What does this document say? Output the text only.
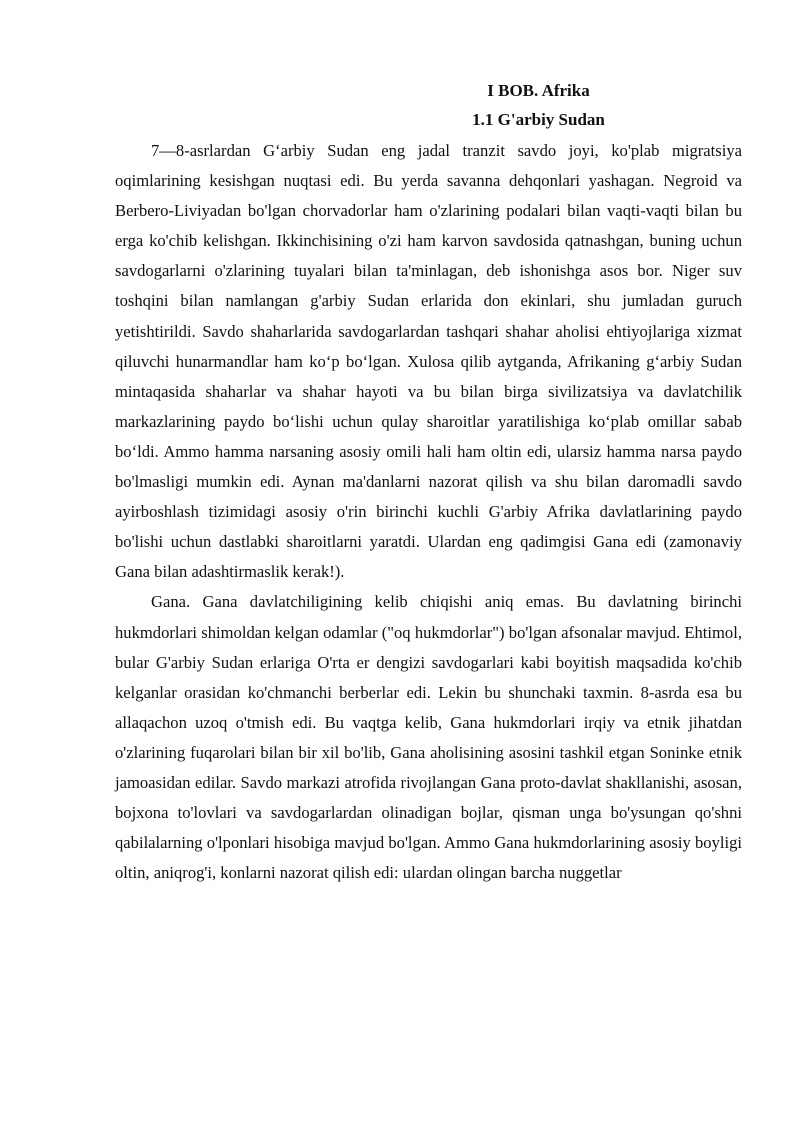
I BOB. Afrika
1.1 G'arbiy Sudan

7—8-asrlardan G‘arbiy Sudan eng jadal tranzit savdo joyi, ko'plab migratsiya oqimlarining kesishgan nuqtasi edi. Bu yerda savanna dehqonlari yashagan. Negroid va Berbero-Liviyadan bo'lgan chorvadorlar ham o'zlarining podalari bilan vaqti-vaqti bilan bu erga ko'chib kelishgan. Ikkinchisining o'zi ham karvon savdosida qatnashgan, buning uchun savdogarlarni o'zlarining tuyalari bilan ta'minlagan, deb ishonishga asos bor. Niger suv toshqini bilan namlangan g'arbiy Sudan erlarida don ekinlari, shu jumladan guruch yetishtirildi. Savdo shaharlarida savdogarlardan tashqari shahar aholisi ehtiyojlariga xizmat qiluvchi hunarmandlar ham ko‘p bo‘lgan. Xulosa qilib aytganda, Afrikaning g‘arbiy Sudan mintaqasida shaharlar va shahar hayoti va bu bilan birga sivilizatsiya va davlatchilik markazlarining paydo bo‘lishi uchun qulay sharoitlar yaratilishiga ko‘plab omillar sabab bo‘ldi. Ammo hamma narsaning asosiy omili hali ham oltin edi, ularsiz hamma narsa paydo bo'lmasligi mumkin edi. Aynan ma'danlarni nazorat qilish va shu bilan daromadli savdo ayirboshlash tizimidagi asosiy o'rin birinchi kuchli G'arbiy Afrika davlatlarining paydo bo'lishi uchun dastlabki sharoitlarni yaratdi. Ulardan eng qadimgisi Gana edi (zamonaviy Gana bilan adashtirmaslik kerak!).

Gana. Gana davlatchiligining kelib chiqishi aniq emas. Bu davlatning birinchi hukmdorlari shimoldan kelgan odamlar ("oq hukmdorlar") bo'lgan afsonalar mavjud. Ehtimol, bular G'arbiy Sudan erlariga O'rta er dengizi savdogarlari kabi boyitish maqsadida ko'chib kelganlar orasidan ko'chmanchi berberlar edi. Lekin bu shunchaki taxmin. 8-asrda esa bu allaqachon uzoq o'tmish edi. Bu vaqtga kelib, Gana hukmdorlari irqiy va etnik jihatdan o'zlarining fuqarolari bilan bir xil bo'lib, Gana aholisining asosini tashkil etgan Soninke etnik jamoasidan edilar. Savdo markazi atrofida rivojlangan Gana proto-davlat shakllanishi, asosan, bojxona to'lovlari va savdogarlardan olinadigan bojlar, qisman unga bo'ysungan qo'shni qabilalarning o'lponlari hisobiga mavjud bo'lgan. Ammo Gana hukmdorlarining asosiy boyligi oltin, aniqrog'i, konlarni nazorat qilish edi: ulardan olingan barcha nuggetlar
